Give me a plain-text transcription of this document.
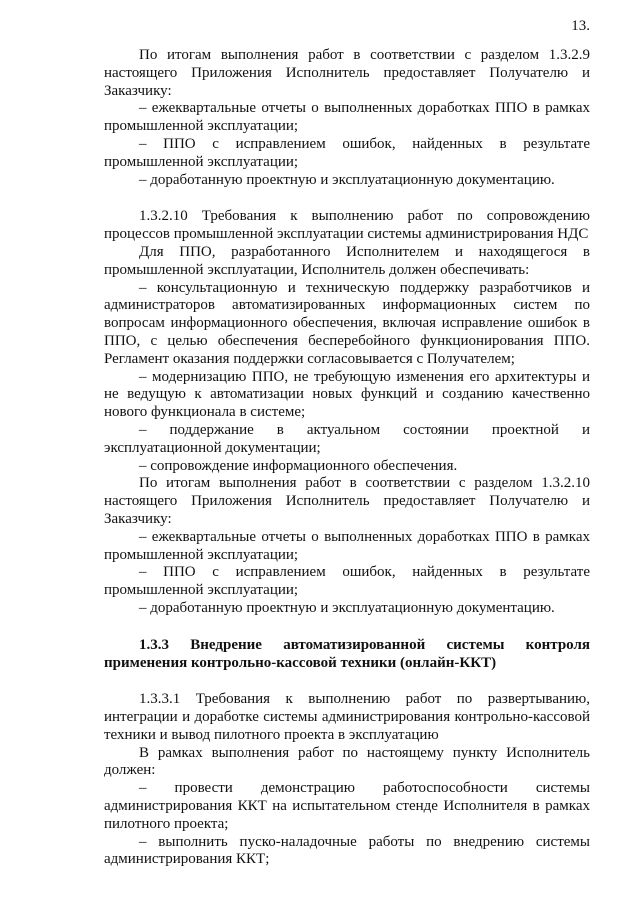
13.

По итогам выполнения работ в соответствии с разделом 1.3.2.9 настоящего Приложения Исполнитель предоставляет Получателю и Заказчику:

– ежеквартальные отчеты о выполненных доработках ППО в рамках промышленной эксплуатации;

– ППО с исправлением ошибок, найденных в результате промышленной эксплуатации;

– доработанную проектную и эксплуатационную документацию.

1.3.2.10 Требования к выполнению работ по сопровождению процессов промышленной эксплуатации системы администрирования НДС

Для ППО, разработанного Исполнителем и находящегося в промышленной эксплуатации, Исполнитель должен обеспечивать:

– консультационную и техническую поддержку разработчиков и администраторов автоматизированных информационных систем по вопросам информационного обеспечения, включая исправление ошибок в ППО, с целью обеспечения бесперебойного функционирования ППО. Регламент оказания поддержки согласовывается с Получателем;

– модернизацию ППО, не требующую изменения его архитектуры и не ведущую к автоматизации новых функций и созданию качественно нового функционала в системе;

– поддержание в актуальном состоянии проектной и эксплуатационной документации;

– сопровождение информационного обеспечения.

По итогам выполнения работ в соответствии с разделом 1.3.2.10 настоящего Приложения Исполнитель предоставляет Получателю и Заказчику:

– ежеквартальные отчеты о выполненных доработках ППО в рамках промышленной эксплуатации;

– ППО с исправлением ошибок, найденных в результате промышленной эксплуатации;

– доработанную проектную и эксплуатационную документацию.

1.3.3 Внедрение автоматизированной системы контроля применения контрольно-кассовой техники (онлайн-ККТ)

1.3.3.1 Требования к выполнению работ по развертыванию, интеграции и доработке системы администрирования контрольно-кассовой техники и вывод пилотного проекта в эксплуатацию

В рамках выполнения работ по настоящему пункту Исполнитель должен:

– провести демонстрацию работоспособности системы администрирования ККТ на испытательном стенде Исполнителя в рамках пилотного проекта;

– выполнить пуско-наладочные работы по внедрению системы администрирования ККТ;
